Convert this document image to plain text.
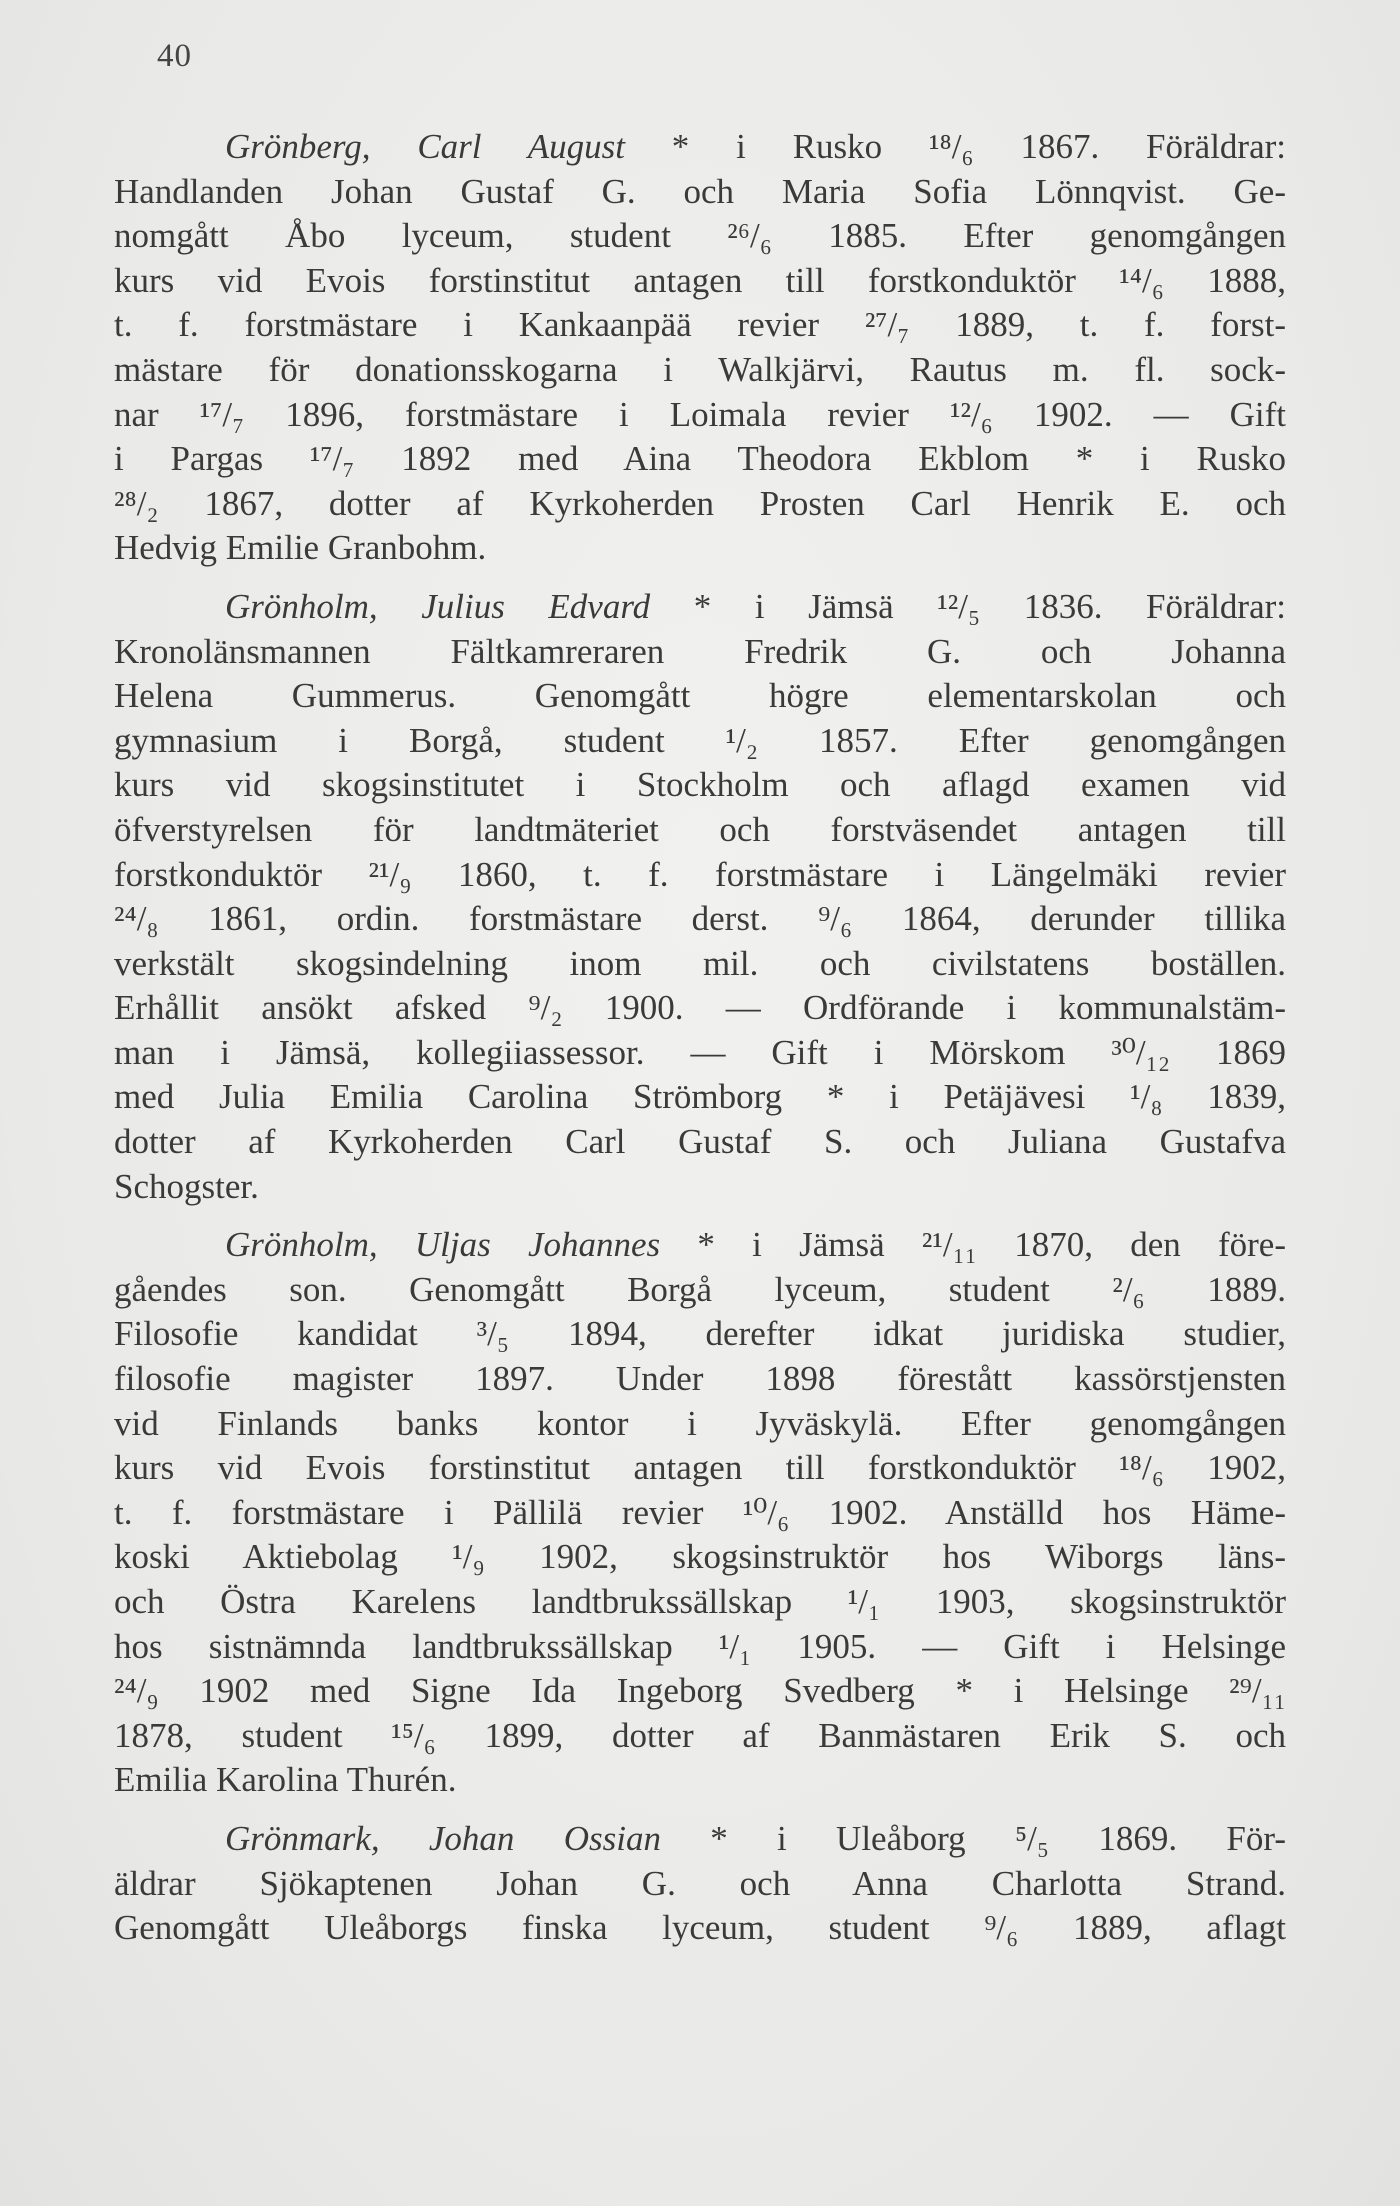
40

Grönberg, Carl August * i Rusko ¹⁸/₆ 1867. Föräldrar:
Handlanden Johan Gustaf G. och Maria Sofia Lönnqvist. Ge-
nomgått Åbo lyceum, student ²⁶/₆ 1885. Efter genomgången
kurs vid Evois forstinstitut antagen till forstkonduktör ¹⁴/₆ 1888,
t. f. forstmästare i Kankaanpää revier ²⁷/₇ 1889, t. f. forst-
mästare för donationsskogarna i Walkjärvi, Rautus m. fl. sock-
nar ¹⁷/₇ 1896, forstmästare i Loimala revier ¹²/₆ 1902. — Gift
i Pargas ¹⁷/₇ 1892 med Aina Theodora Ekblom * i Rusko
²⁸/₂ 1867, dotter af Kyrkoherden Prosten Carl Henrik E. och
Hedvig Emilie Granbohm.

Grönholm, Julius Edvard * i Jämsä ¹²/₅ 1836. Föräldrar:
Kronolänsmannen Fältkamreraren Fredrik G. och Johanna
Helena Gummerus. Genomgått högre elementarskolan och
gymnasium i Borgå, student ¹/₂ 1857. Efter genomgången
kurs vid skogsinstitutet i Stockholm och aflagd examen vid
öfverstyrelsen för landtmäteriet och forstväsendet antagen till
forstkonduktör ²¹/₉ 1860, t. f. forstmästare i Längelmäki revier
²⁴/₈ 1861, ordin. forstmästare derst. ⁹/₆ 1864, derunder tillika
verkstält skogsindelning inom mil. och civilstatens boställen.
Erhållit ansökt afsked ⁹/₂ 1900. — Ordförande i kommunalstäm-
man i Jämsä, kollegiiassessor. — Gift i Mörskom ³⁰/₁₂ 1869
med Julia Emilia Carolina Strömborg * i Petäjävesi ¹/₈ 1839,
dotter af Kyrkoherden Carl Gustaf S. och Juliana Gustafva
Schogster.

Grönholm, Uljas Johannes * i Jämsä ²¹/₁₁ 1870, den före-
gåendes son. Genomgått Borgå lyceum, student ²/₆ 1889.
Filosofie kandidat ³/₅ 1894, derefter idkat juridiska studier,
filosofie magister 1897. Under 1898 förestått kassörstjensten
vid Finlands banks kontor i Jyväskylä. Efter genomgången
kurs vid Evois forstinstitut antagen till forstkonduktör ¹⁸/₆ 1902,
t. f. forstmästare i Pällilä revier ¹⁰/₆ 1902. Anställd hos Häme-
koski Aktiebolag ¹/₉ 1902, skogsinstruktör hos Wiborgs läns-
och Östra Karelens landtbrukssällskap ¹/₁ 1903, skogsinstruktör
hos sistnämnda landtbrukssällskap ¹/₁ 1905. — Gift i Helsinge
²⁴/₉ 1902 med Signe Ida Ingeborg Svedberg * i Helsinge ²⁹/₁₁
1878, student ¹⁵/₆ 1899, dotter af Banmästaren Erik S. och
Emilia Karolina Thurén.

Grönmark, Johan Ossian * i Uleåborg ⁵/₅ 1869. För-
äldrar Sjökaptenen Johan G. och Anna Charlotta Strand.
Genomgått Uleåborgs finska lyceum, student ⁹/₆ 1889, aflagt
